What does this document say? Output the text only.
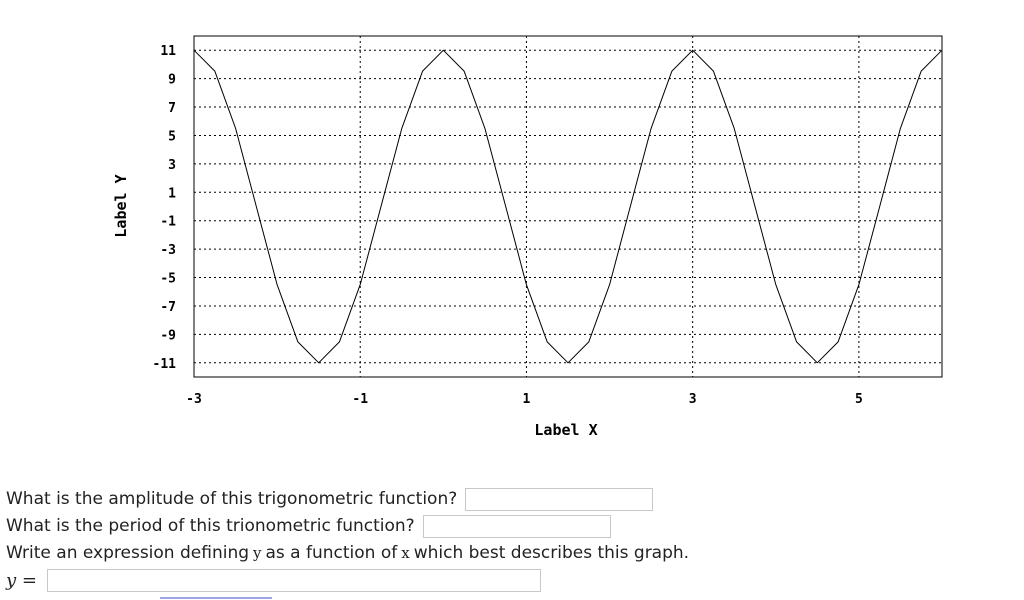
11
9
7
5
3
1
-1
-3
-5
-7
-9
-11
-3	-1	1	3	5
Label X
Label Y
What is the amplitude of this trigonometric function?
What is the period of this trionometric function?
Write an expression defining y as a function of x which best describes this graph.
y =
